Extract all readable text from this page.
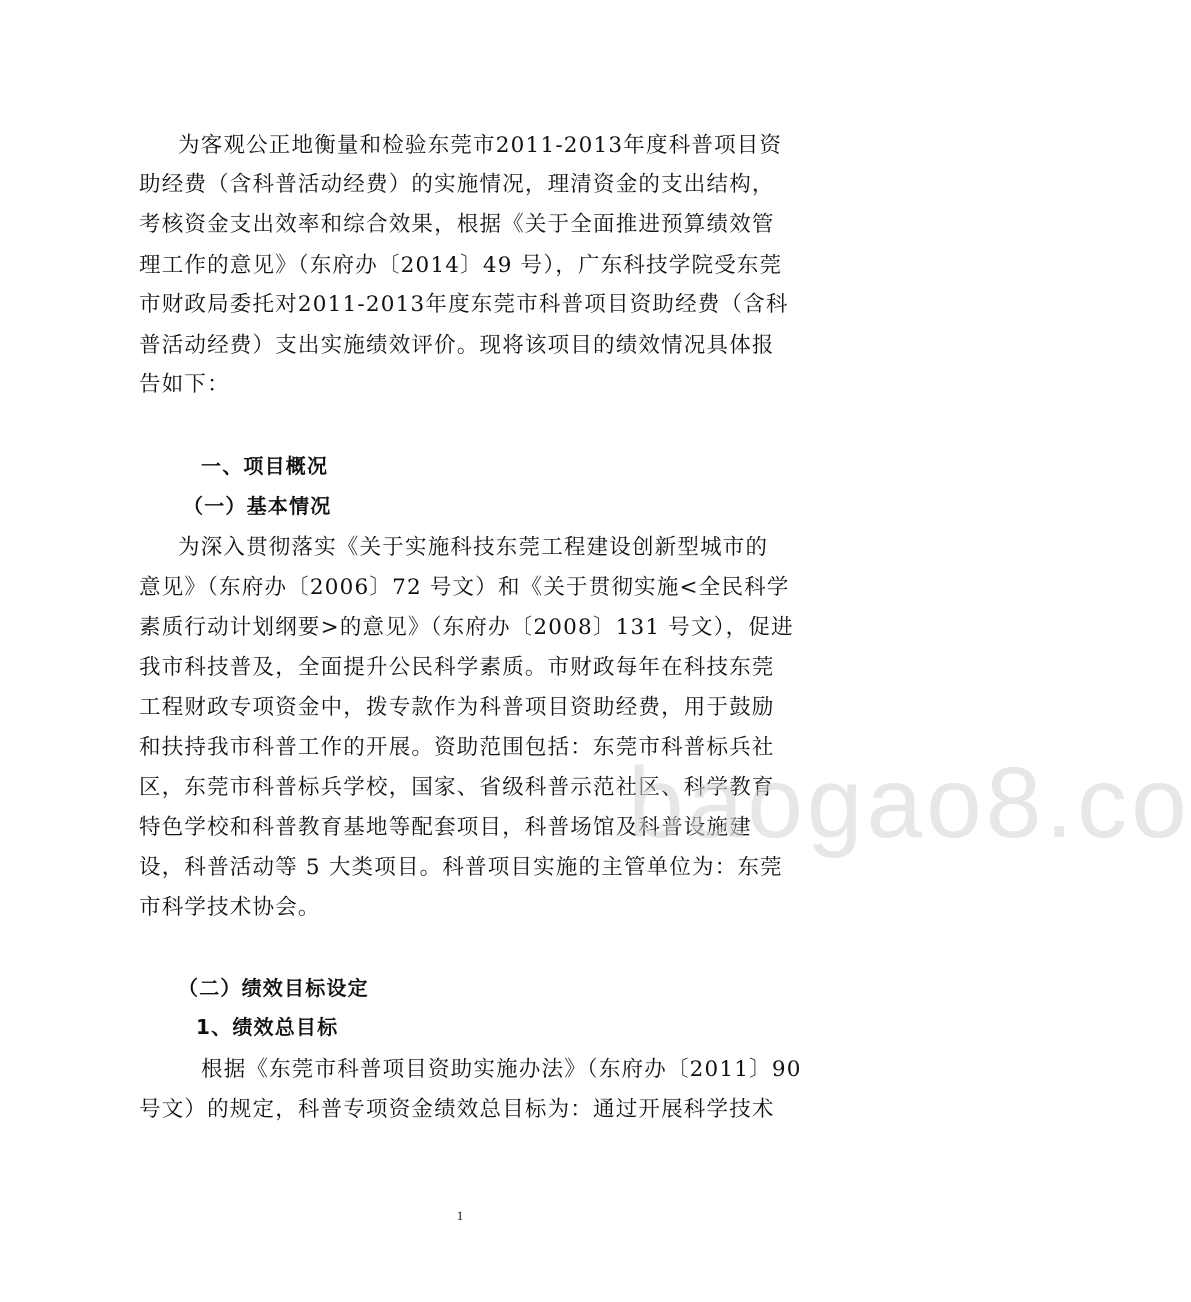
为客观公正地衡量和检验东莞市2011-2013年度科普项目资
助经费（含科普活动经费）的实施情况，理清资金的支出结构，
考核资金支出效率和综合效果，根据《关于全面推进预算绩效管
理工作的意见》（东府办〔2014〕49 号），广东科技学院受东莞
市财政局委托对2011-2013年度东莞市科普项目资助经费（含科
普活动经费）支出实施绩效评价。现将该项目的绩效情况具体报
告如下：
一、项目概况
（一）基本情况
为深入贯彻落实《关于实施科技东莞工程建设创新型城市的
意见》（东府办〔2006〕72 号文）和《关于贯彻实施<全民科学
素质行动计划纲要>的意见》（东府办〔2008〕131 号文），促进
我市科技普及，全面提升公民科学素质。市财政每年在科技东莞
工程财政专项资金中，拨专款作为科普项目资助经费，用于鼓励
和扶持我市科普工作的开展。资助范围包括：东莞市科普标兵社
区，东莞市科普标兵学校，国家、省级科普示范社区、科学教育
特色学校和科普教育基地等配套项目，科普场馆及科普设施建
设，科普活动等 5 大类项目。科普项目实施的主管单位为：东莞
市科学技术协会。
（二）绩效目标设定
1、绩效总目标
根据《东莞市科普项目资助实施办法》（东府办〔2011〕90
号文）的规定，科普专项资金绩效总目标为：通过开展科学技术
baogao8.co
1
